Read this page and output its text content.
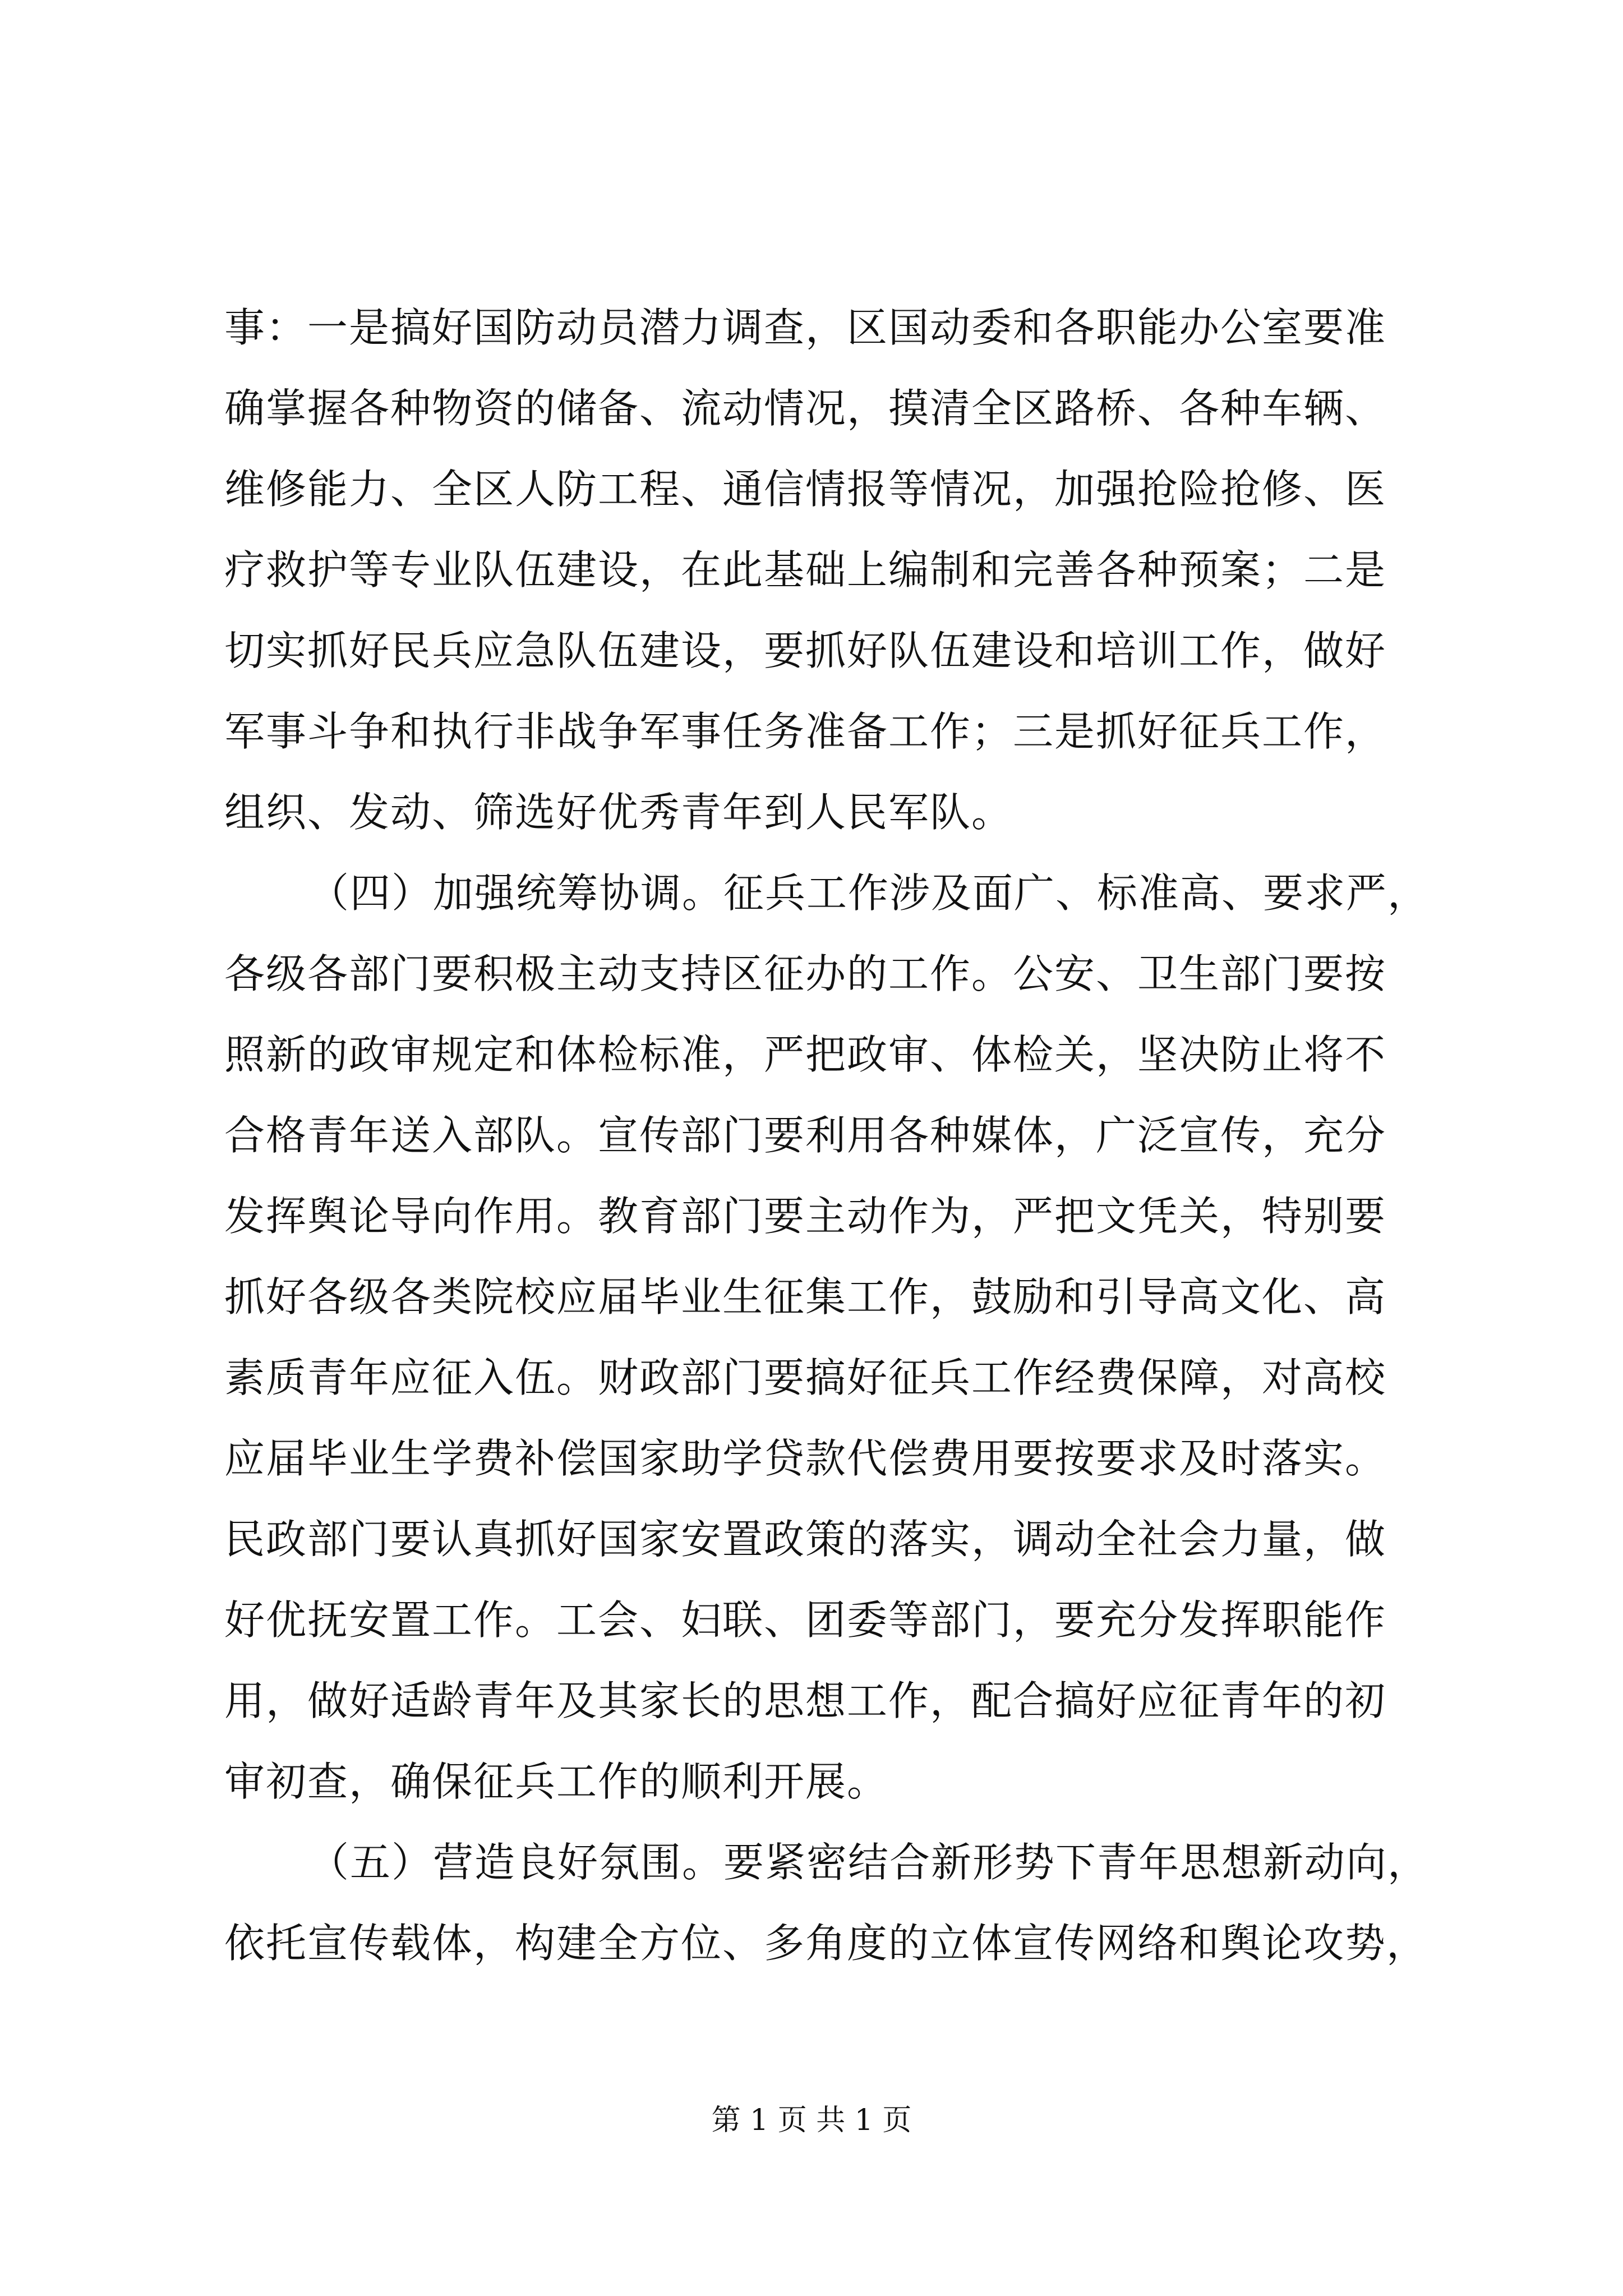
事：一是搞好国防动员潜力调查，区国动委和各职能办公室要准
确掌握各种物资的储备、流动情况，摸清全区路桥、各种车辆、
维修能力、全区人防工程、通信情报等情况，加强抢险抢修、医
疗救护等专业队伍建设，在此基础上编制和完善各种预案；二是
切实抓好民兵应急队伍建设，要抓好队伍建设和培训工作，做好
军事斗争和执行非战争军事任务准备工作；三是抓好征兵工作，
组织、发动、筛选好优秀青年到人民军队。
（四）加强统筹协调。征兵工作涉及面广、标准高、要求严，
各级各部门要积极主动支持区征办的工作。公安、卫生部门要按
照新的政审规定和体检标准，严把政审、体检关，坚决防止将不
合格青年送入部队。宣传部门要利用各种媒体，广泛宣传，充分
发挥舆论导向作用。教育部门要主动作为，严把文凭关，特别要
抓好各级各类院校应届毕业生征集工作，鼓励和引导高文化、高
素质青年应征入伍。财政部门要搞好征兵工作经费保障，对高校
应届毕业生学费补偿国家助学贷款代偿费用要按要求及时落实。
民政部门要认真抓好国家安置政策的落实，调动全社会力量，做
好优抚安置工作。工会、妇联、团委等部门，要充分发挥职能作
用，做好适龄青年及其家长的思想工作，配合搞好应征青年的初
审初查，确保征兵工作的顺利开展。
（五）营造良好氛围。要紧密结合新形势下青年思想新动向，
依托宣传载体，构建全方位、多角度的立体宣传网络和舆论攻势，
第 1 页 共 1 页
